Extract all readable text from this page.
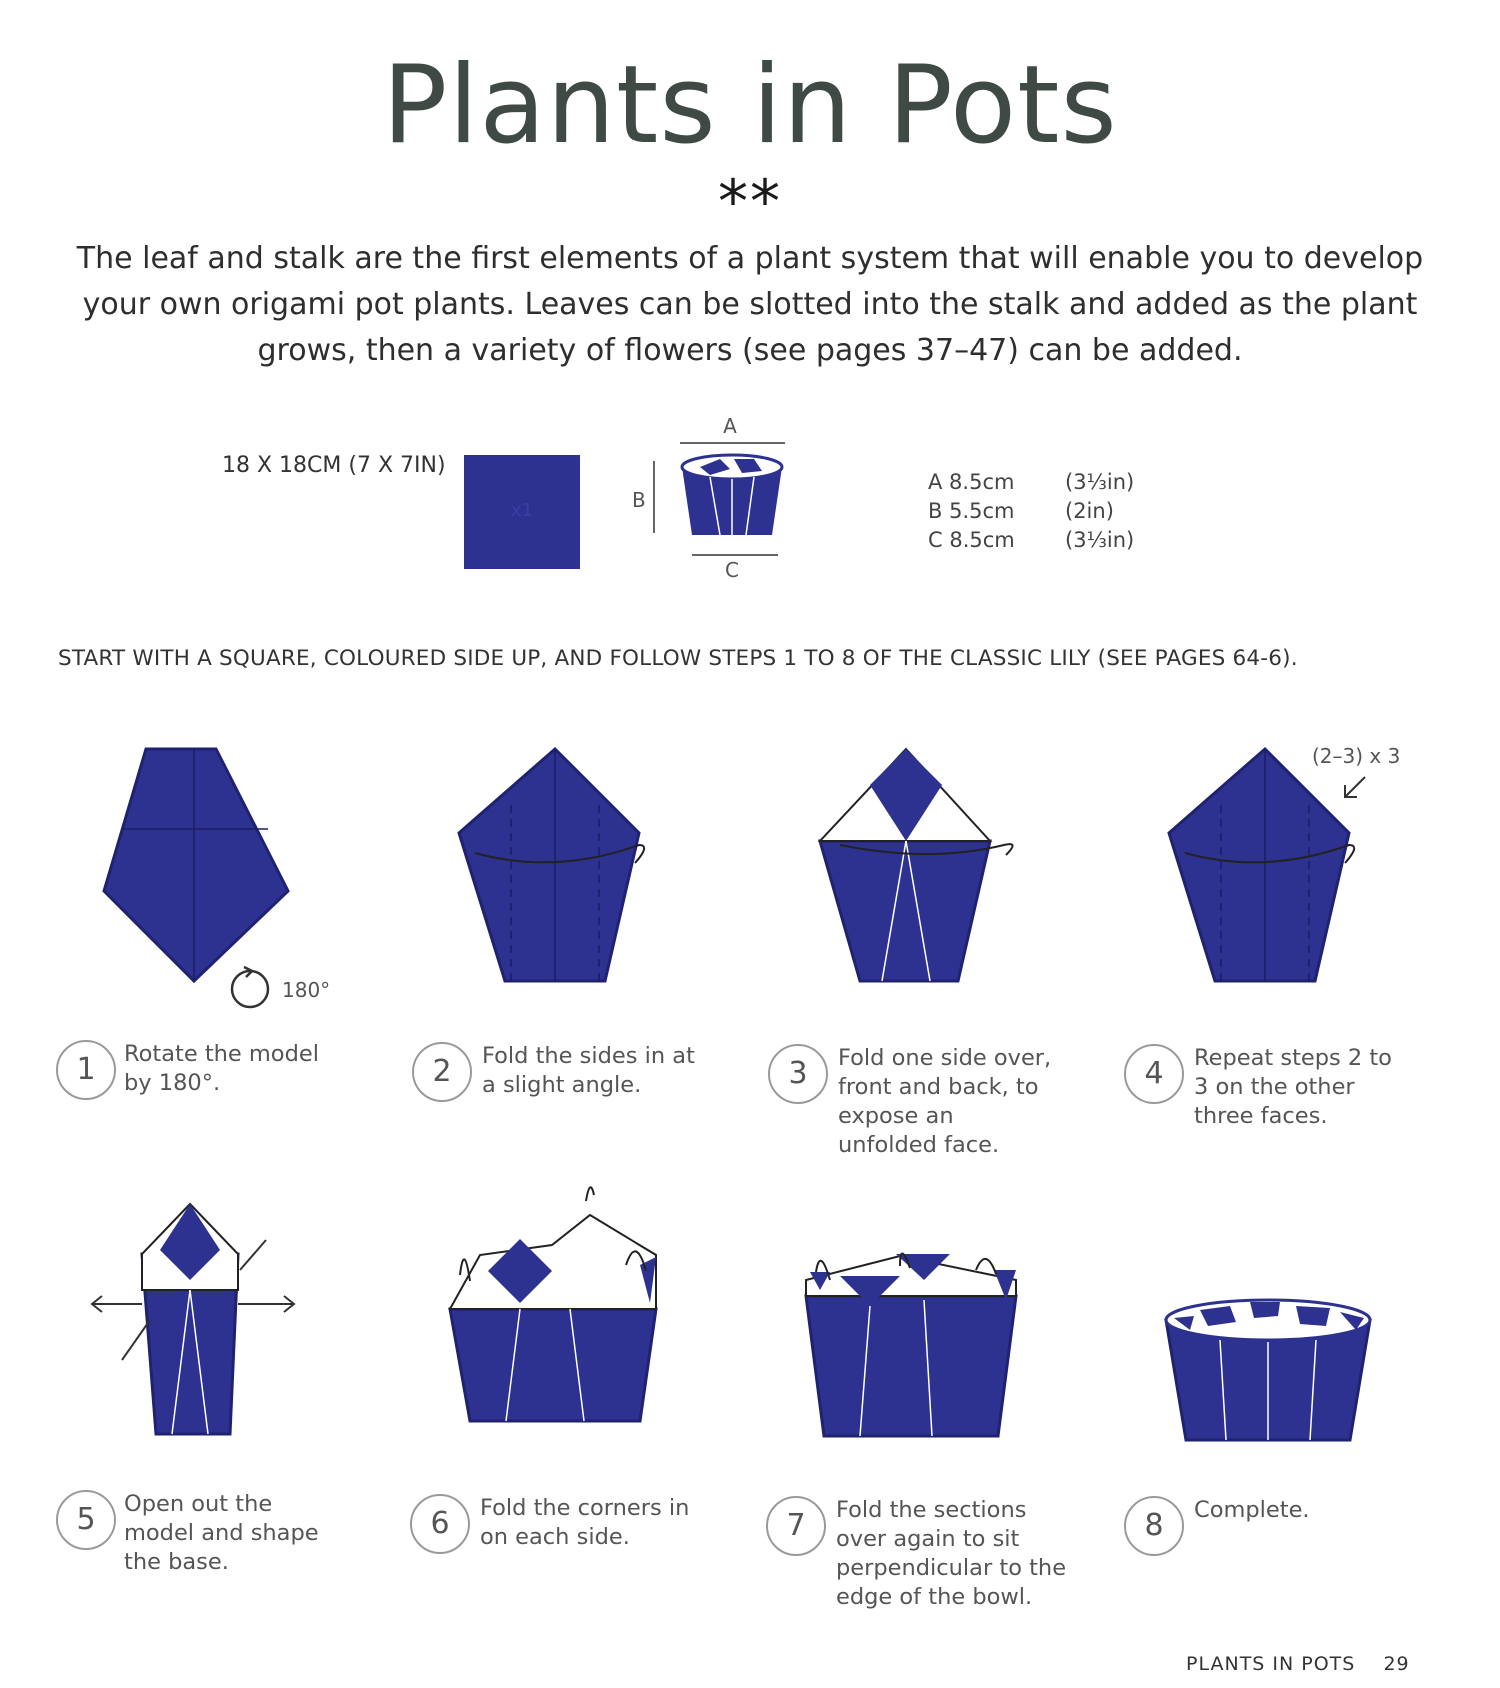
Plants in Pots
**
The leaf and stalk are the first elements of a plant system that will enable you to develop your own origami pot plants. Leaves can be slotted into the stalk and added as the plant grows, then a variety of flowers (see pages 37–47) can be added.
18 X 18CM (7 X 7IN)
x1
A
B
C
A 8.5cm	(3⅓in)
B 5.5cm	(2in)
C 8.5cm	(3⅓in)
START WITH A SQUARE, COLOURED SIDE UP, AND FOLLOW STEPS 1 TO 8 OF THE CLASSIC LILY (SEE PAGES 64-6).
180°
(2–3) x 3
1	Rotate the model by 180°.	2	Fold the sides in at a slight angle.	3	Fold one side over, front and back, to expose an unfolded face.
4	Repeat steps 2 to 3 on the other three faces.
5	Open out the model and shape the base.
6	Fold the corners in on each side.	7	Fold the sections over again to sit perpendicular to the edge of the bowl.
8	Complete.
PLANTS IN POTS 29
